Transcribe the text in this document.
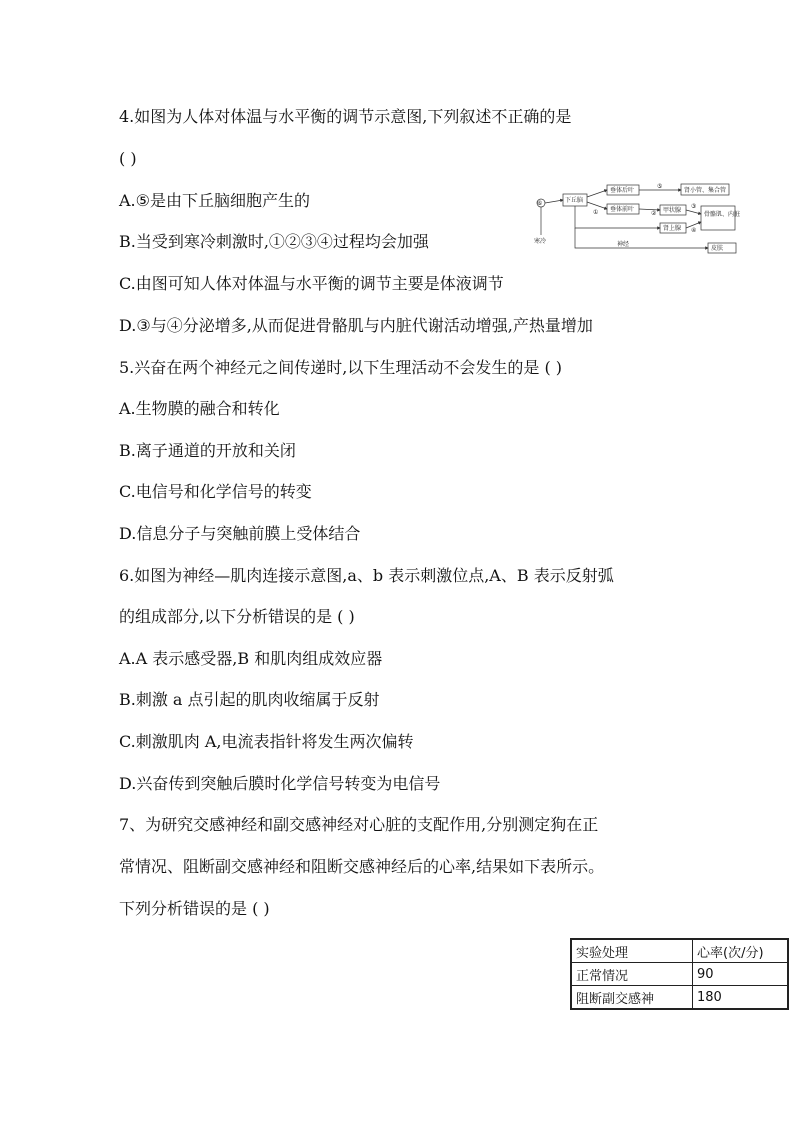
4.如图为人体对体温与水平衡的调节示意图,下列叙述不正确的是
( )
A.⑤是由下丘脑细胞产生的
B.当受到寒冷刺激时,①②③④过程均会加强
C.由图可知人体对体温与水平衡的调节主要是体液调节
D.③与④分泌增多,从而促进骨骼肌与内脏代谢活动增强,产热量增加
⑥
寒冷
下丘脑
垂体后叶
垂体前叶
肾小管、集合管
甲状腺
肾上腺
骨骼肌、内脏
皮肤
神经
①	②
③
④
⑤
5.兴奋在两个神经元之间传递时,以下生理活动不会发生的是 ( )
A.生物膜的融合和转化
B.离子通道的开放和关闭
C.电信号和化学信号的转变
D.信息分子与突触前膜上受体结合
6.如图为神经—肌肉连接示意图,a、b 表示刺激位点,A、B 表示反射弧
的组成部分,以下分析错误的是 ( )
A.A 表示感受器,B 和肌肉组成效应器
B.刺激 a 点引起的肌肉收缩属于反射
C.刺激肌肉 A,电流表指针将发生两次偏转
D.兴奋传到突触后膜时化学信号转变为电信号
7、为研究交感神经和副交感神经对心脏的支配作用,分别测定狗在正
常情况、阻断副交感神经和阻断交感神经后的心率,结果如下表所示。
下列分析错误的是 ( )
实验处理	心率(次/分)
正常情况	90
阻断副交感神	180
